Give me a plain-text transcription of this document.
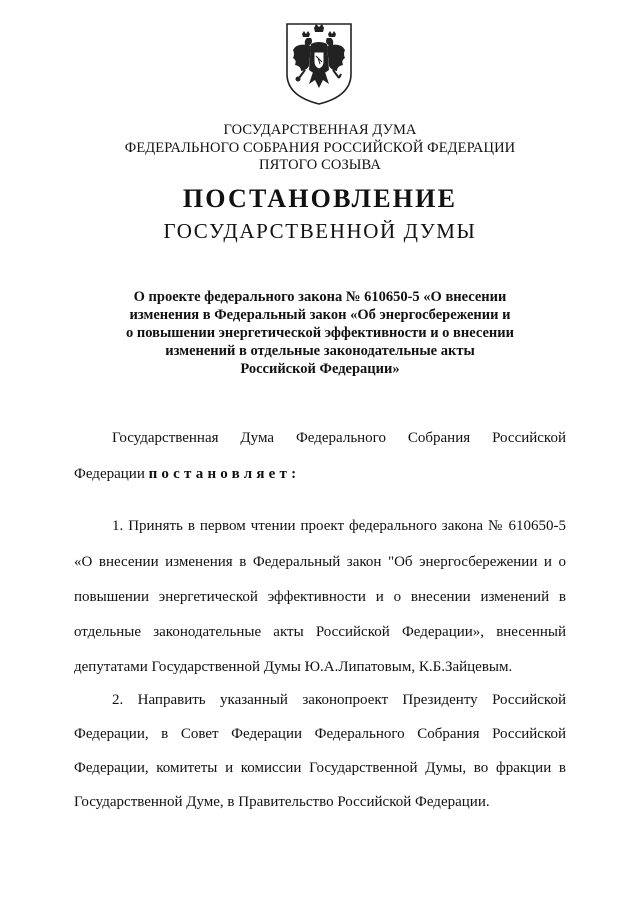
ГОСУДАРСТВЕННАЯ ДУМА
ФЕДЕРАЛЬНОГО СОБРАНИЯ РОССИЙСКОЙ ФЕДЕРАЦИИ
ПЯТОГО СОЗЫВА
ПОСТАНОВЛЕНИЕ
ГОСУДАРСТВЕННОЙ ДУМЫ
О проекте федерального закона № 610650-5 «О внесении
изменения в Федеральный закон «Об энергосбережении и
о повышении энергетической эффективности и о внесении
изменений в отдельные законодательные акты
Российской Федерации»
Государственная Дума Федерального Собрания Российской
Федерации постановляет:
1. Принять в первом чтении проект федерального закона № 610650-5
«О внесении изменения в Федеральный закон "Об энергосбережении и о
повышении энергетической эффективности и о внесении изменений в
отдельные законодательные акты Российской Федерации», внесенный
депутатами Государственной Думы Ю.А.Липатовым, К.Б.Зайцевым.
2. Направить указанный законопроект Президенту Российской
Федерации, в Совет Федерации Федерального Собрания Российской
Федерации, комитеты и комиссии Государственной Думы, во фракции в
Государственной Думе, в Правительство Российской Федерации.
